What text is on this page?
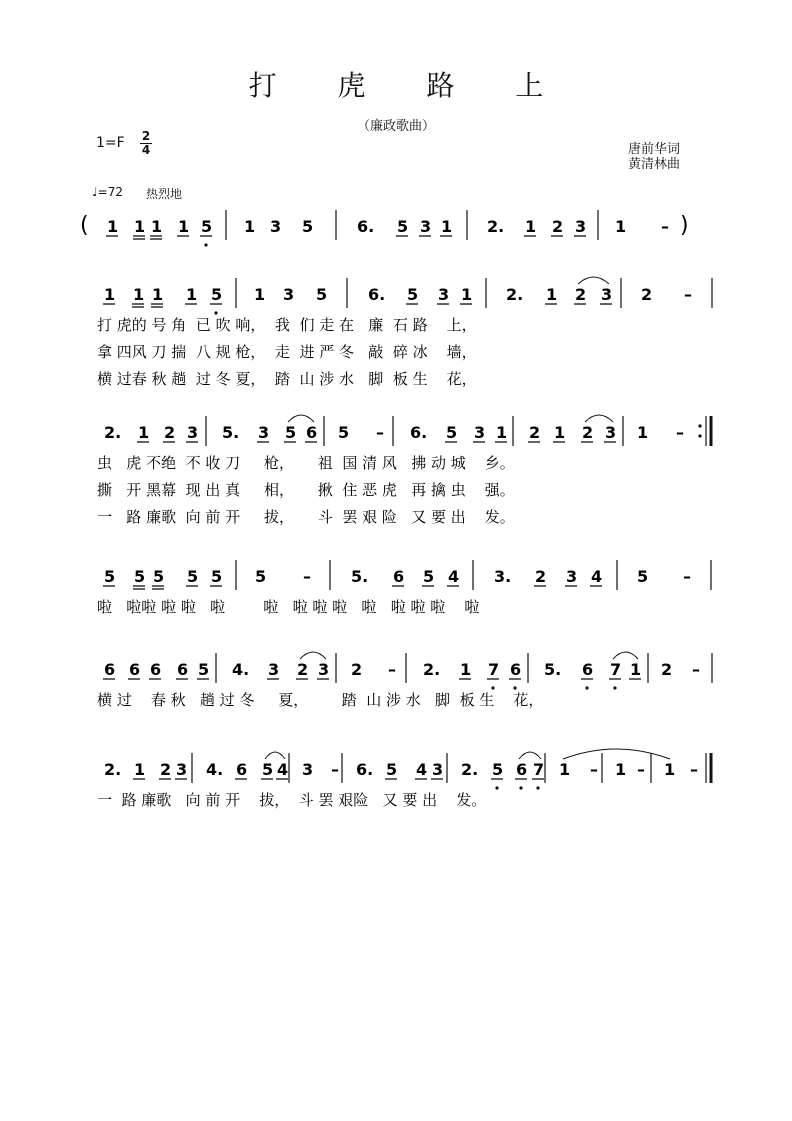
打 虎 路 上
（廉政歌曲）
1=F 2
4	唐前华词
黄清林曲
♩=72 热烈地
( 1 1 1 1 5 1 3 5	6. 5 3 1 2. 1 2 3 1 – )
1 1 1 1 5 1 3 5	6. 5 3 1 2. 1 2 3 2 –
打 虎的 号 角  已 吹 响，  我  们 走 在   廉  石 路    上，
拿 四风 刀 揣  八 规 枪，  走  进 严 冬   敲  碎 冰    墙，
横 过春 秋 趟  过 冬 夏，  踏  山 涉 水   脚  板 生    花，
2. 1 2 3 5. 3 5 6 5 – 6. 5 3 1 2 1 2 3 1 –
虫   虎 不绝  不 收 刀     枪，     祖  国 清 风   拂 动 城    乡。
撕   开 黑幕  现 出 真     相，     揪  住 恶 虎   再 擒 虫    强。
一   路 廉歌  向 前 开     拔，     斗  罢 艰 险   又 要 出    发。
5 5 5 5 5 5 –	5. 6 5 4 3. 2 3 4 5 –
啦   啦啦 啦 啦   啦        啦   啦 啦 啦   啦   啦 啦 啦    啦
6 6 6 6 5 4. 3 2 3 2 – 2. 1 7 6 5. 6 7 1 2 –
横 过    春 秋   趟 过 冬     夏，       踏  山 涉 水   脚  板 生    花，
2. 1 2 3 4. 6 5 4 3 – 6. 5 4 3 2. 5 6 7 1 – 1 – 1 –
一  路 廉歌   向 前 开    拔，  斗 罢 艰险   又 要 出    发。
